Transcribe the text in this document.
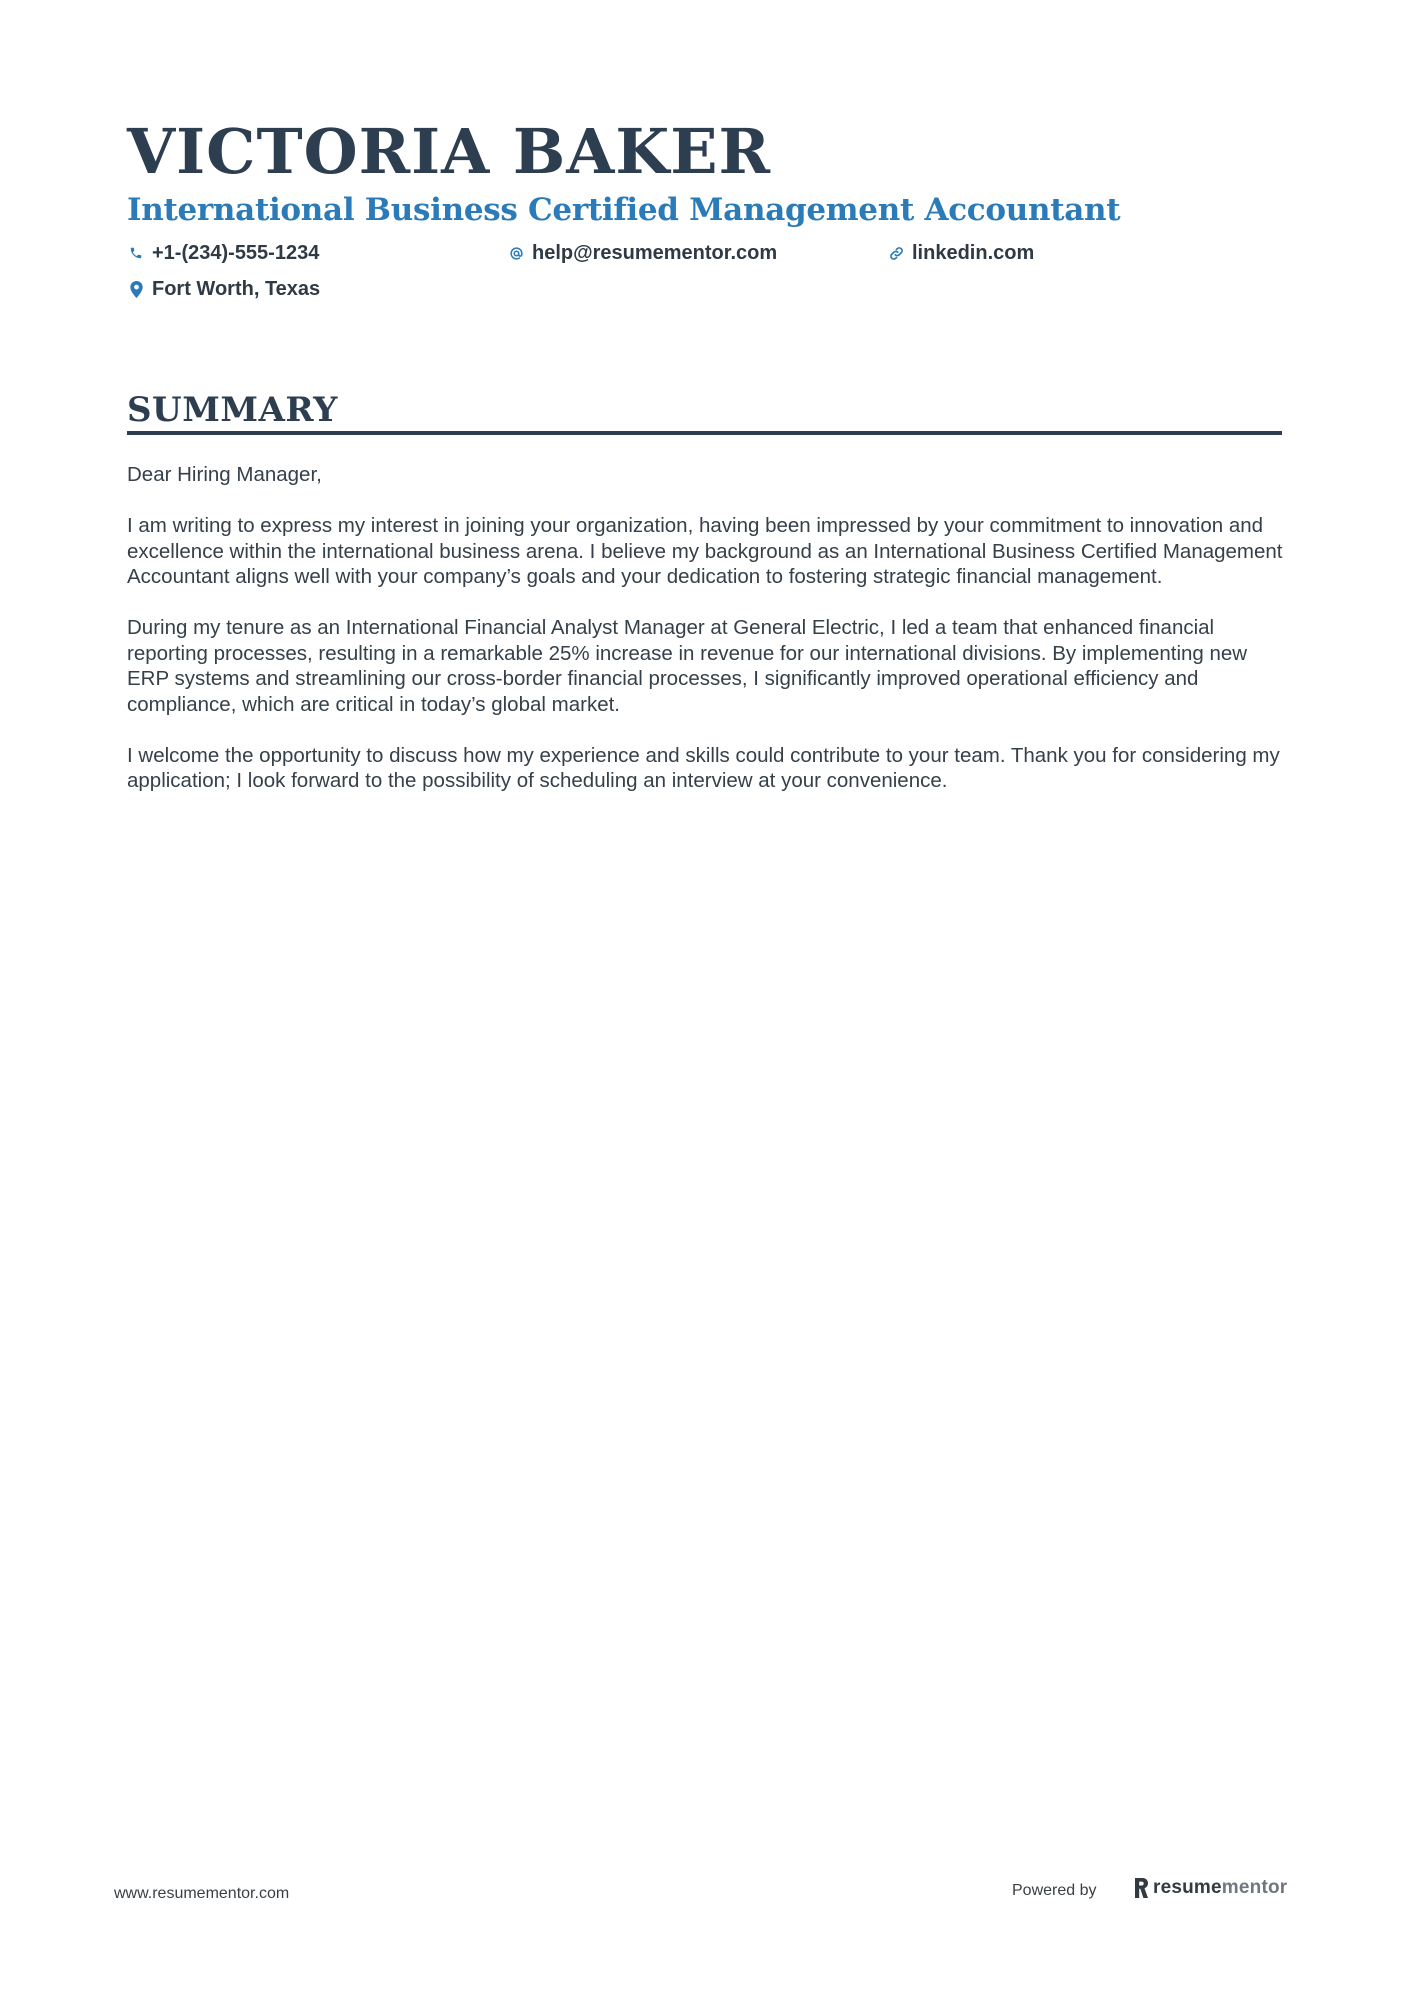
VICTORIA BAKER
International Business Certified Management Accountant
+1-(234)-555-1234	help@resumementor.com	linkedin.com
Fort Worth, Texas
SUMMARY

Dear Hiring Manager,

I am writing to express my interest in joining your organization, having been impressed by your commitment to innovation and excellence within the international business arena. I believe my background as an International Business Certified Management Accountant aligns well with your company’s goals and your dedication to fostering strategic financial management.

During my tenure as an International Financial Analyst Manager at General Electric, I led a team that enhanced financial reporting processes, resulting in a remarkable 25% increase in revenue for our international divisions. By implementing new ERP systems and streamlining our cross-border financial processes, I significantly improved operational efficiency and compliance, which are critical in today’s global market.

I welcome the opportunity to discuss how my experience and skills could contribute to your team. Thank you for considering my application; I look forward to the possibility of scheduling an interview at your convenience.

www.resumementor.com	Powered by	resume mentor
